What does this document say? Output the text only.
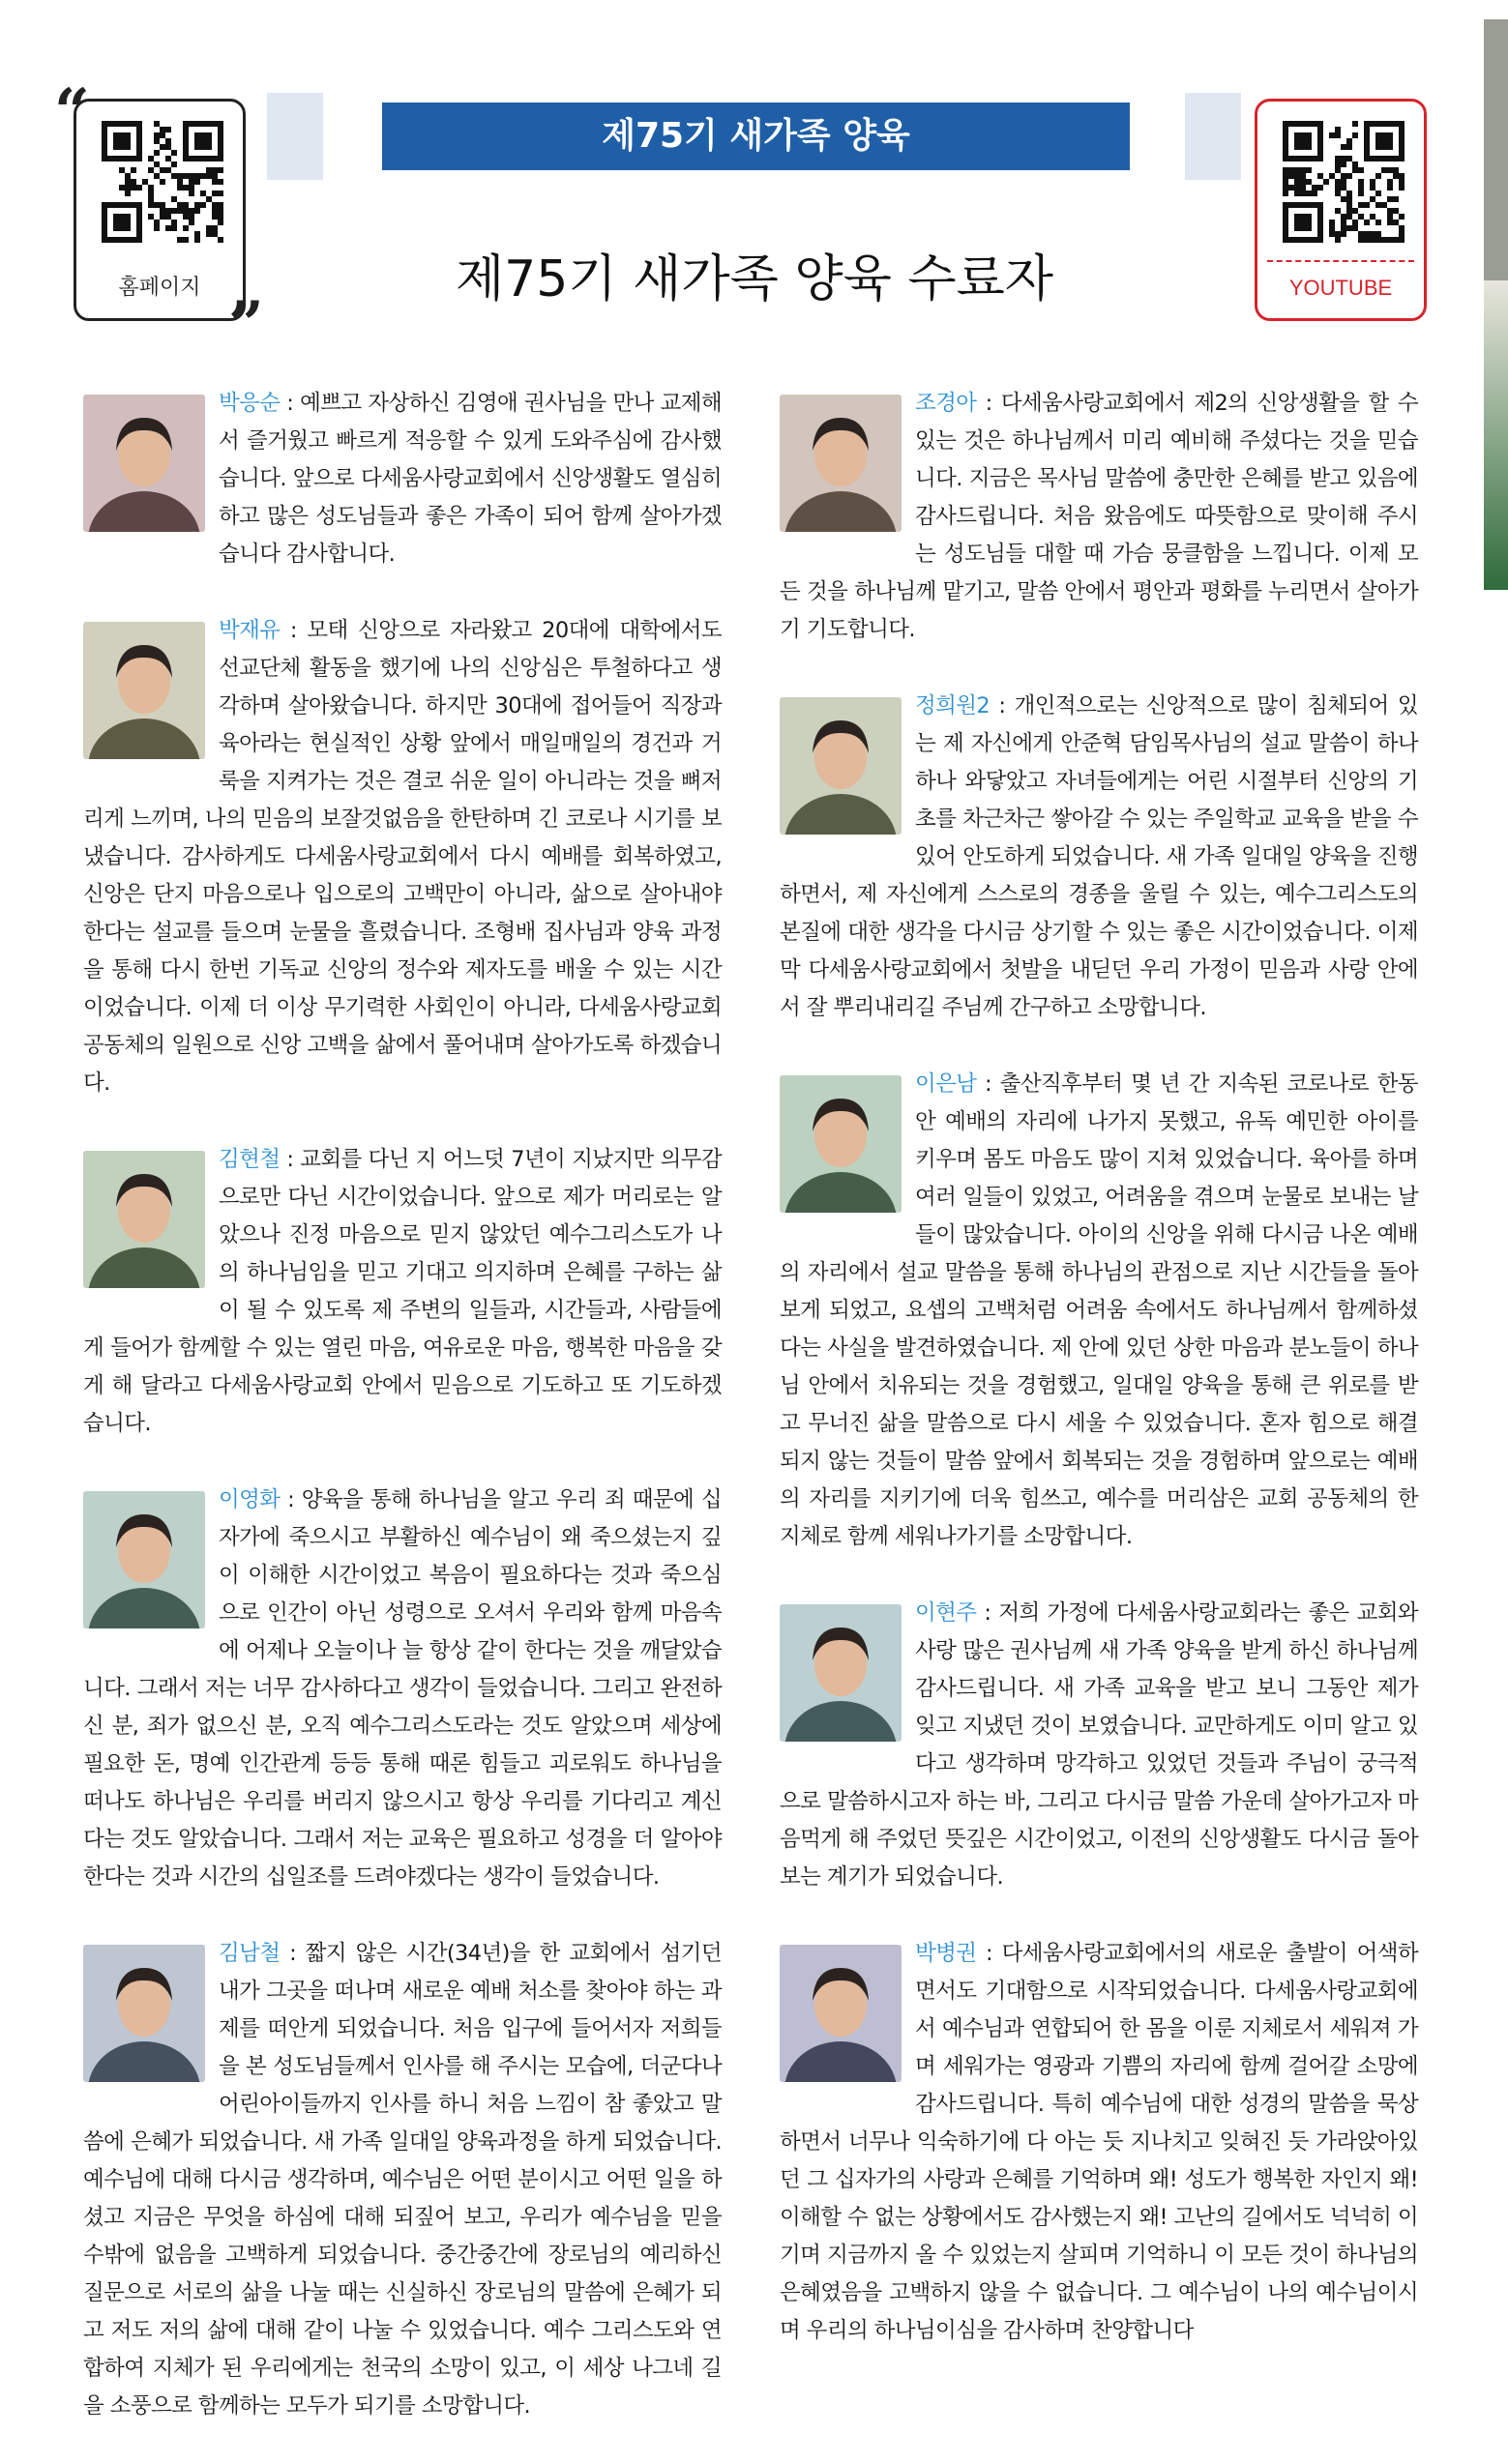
홈페이지
“
”
제75기 새가족 양육
제75기 새가족 양육 수료자	YOUTUBE

박응순 : 예쁘고 자상하신 김영애 권사님을 만나 교제해서 즐거웠고 빠르게 적응할 수 있게 도와주심에 감사했습니다. 앞으로 다세움사랑교회에서 신앙생활도 열심히 하고 많은 성도님들과 좋은 가족이 되어 함께 살아가겠습니다 감사합니다.

박재유 : 모태 신앙으로 자라왔고 20대에 대학에서도 선교단체 활동을 했기에 나의 신앙심은 투철하다고 생각하며 살아왔습니다. 하지만 30대에 접어들어 직장과 육아라는 현실적인 상황 앞에서 매일매일의 경건과 거룩을 지켜가는 것은 결코 쉬운 일이 아니라는 것을 뼈저리게 느끼며, 나의 믿음의 보잘것없음을 한탄하며 긴 코로나 시기를 보냈습니다. 감사하게도 다세움사랑교회에서 다시 예배를 회복하였고, 신앙은 단지 마음으로나 입으로의 고백만이 아니라, 삶으로 살아내야 한다는 설교를 들으며 눈물을 흘렸습니다. 조형배 집사님과 양육 과정을 통해 다시 한번 기독교 신앙의 정수와 제자도를 배울 수 있는 시간이었습니다. 이제 더 이상 무기력한 사회인이 아니라, 다세움사랑교회 공동체의 일원으로 신앙 고백을 삶에서 풀어내며 살아가도록 하겠습니다.

김현철 : 교회를 다닌 지 어느덧 7년이 지났지만 의무감으로만 다닌 시간이었습니다. 앞으로 제가 머리로는 알았으나 진정 마음으로 믿지 않았던 예수그리스도가 나의 하나님임을 믿고 기대고 의지하며 은혜를 구하는 삶이 될 수 있도록 제 주변의 일들과, 시간들과, 사람들에게 들어가 함께할 수 있는 열린 마음, 여유로운 마음, 행복한 마음을 갖게 해 달라고 다세움사랑교회 안에서 믿음으로 기도하고 또 기도하겠습니다.

이영화 : 양육을 통해 하나님을 알고 우리 죄 때문에 십자가에 죽으시고 부활하신 예수님이 왜 죽으셨는지 깊이 이해한 시간이었고 복음이 필요하다는 것과 죽으심으로 인간이 아닌 성령으로 오셔서 우리와 함께 마음속에 어제나 오늘이나 늘 항상 같이 한다는 것을 깨달았습니다. 그래서 저는 너무 감사하다고 생각이 들었습니다. 그리고 완전하신 분, 죄가 없으신 분, 오직 예수그리스도라는 것도 알았으며 세상에 필요한 돈, 명예 인간관계 등등 통해 때론 힘들고 괴로워도 하나님을 떠나도 하나님은 우리를 버리지 않으시고 항상 우리를 기다리고 계신다는 것도 알았습니다. 그래서 저는 교육은 필요하고 성경을 더 알아야 한다는 것과 시간의 십일조를 드려야겠다는 생각이 들었습니다.

김남철 : 짧지 않은 시간(34년)을 한 교회에서 섬기던 내가 그곳을 떠나며 새로운 예배 처소를 찾아야 하는 과제를 떠안게 되었습니다. 처음 입구에 들어서자 저희들을 본 성도님들께서 인사를 해 주시는 모습에, 더군다나 어린아이들까지 인사를 하니 처음 느낌이 참 좋았고 말씀에 은혜가 되었습니다. 새 가족 일대일 양육과정을 하게 되었습니다. 예수님에 대해 다시금 생각하며, 예수님은 어떤 분이시고 어떤 일을 하셨고 지금은 무엇을 하심에 대해 되짚어 보고, 우리가 예수님을 믿을 수밖에 없음을 고백하게 되었습니다. 중간중간에 장로님의 예리하신 질문으로 서로의 삶을 나눌 때는 신실하신 장로님의 말씀에 은혜가 되고 저도 저의 삶에 대해 같이 나눌 수 있었습니다. 예수 그리스도와 연합하여 지체가 된 우리에게는 천국의 소망이 있고, 이 세상 나그네 길을 소풍으로 함께하는 모두가 되기를 소망합니다.

조경아 : 다세움사랑교회에서 제2의 신앙생활을 할 수 있는 것은 하나님께서 미리 예비해 주셨다는 것을 믿습니다. 지금은 목사님 말씀에 충만한 은혜를 받고 있음에 감사드립니다. 처음 왔음에도 따뜻함으로 맞이해 주시는 성도님들 대할 때 가슴 뭉클함을 느낍니다. 이제 모든 것을 하나님께 맡기고, 말씀 안에서 평안과 평화를 누리면서 살아가기 기도합니다.

정희원2 : 개인적으로는 신앙적으로 많이 침체되어 있는 제 자신에게 안준혁 담임목사님의 설교 말씀이 하나하나 와닿았고 자녀들에게는 어린 시절부터 신앙의 기초를 차근차근 쌓아갈 수 있는 주일학교 교육을 받을 수 있어 안도하게 되었습니다. 새 가족 일대일 양육을 진행하면서, 제 자신에게 스스로의 경종을 울릴 수 있는, 예수그리스도의 본질에 대한 생각을 다시금 상기할 수 있는 좋은 시간이었습니다. 이제 막 다세움사랑교회에서 첫발을 내딛던 우리 가정이 믿음과 사랑 안에서 잘 뿌리내리길 주님께 간구하고 소망합니다.

이은남 : 출산직후부터 몇 년 간 지속된 코로나로 한동안 예배의 자리에 나가지 못했고, 유독 예민한 아이를 키우며 몸도 마음도 많이 지쳐 있었습니다. 육아를 하며 여러 일들이 있었고, 어려움을 겪으며 눈물로 보내는 날들이 많았습니다. 아이의 신앙을 위해 다시금 나온 예배의 자리에서 설교 말씀을 통해 하나님의 관점으로 지난 시간들을 돌아보게 되었고, 요셉의 고백처럼 어려움 속에서도 하나님께서 함께하셨다는 사실을 발견하였습니다. 제 안에 있던 상한 마음과 분노들이 하나님 안에서 치유되는 것을 경험했고, 일대일 양육을 통해 큰 위로를 받고 무너진 삶을 말씀으로 다시 세울 수 있었습니다. 혼자 힘으로 해결되지 않는 것들이 말씀 앞에서 회복되는 것을 경험하며 앞으로는 예배의 자리를 지키기에 더욱 힘쓰고, 예수를 머리삼은 교회 공동체의 한 지체로 함께 세워나가기를 소망합니다.

이현주 : 저희 가정에 다세움사랑교회라는 좋은 교회와 사랑 많은 권사님께 새 가족 양육을 받게 하신 하나님께 감사드립니다. 새 가족 교육을 받고 보니 그동안 제가 잊고 지냈던 것이 보였습니다. 교만하게도 이미 알고 있다고 생각하며 망각하고 있었던 것들과 주님이 궁극적으로 말씀하시고자 하는 바, 그리고 다시금 말씀 가운데 살아가고자 마음먹게 해 주었던 뜻깊은 시간이었고, 이전의 신앙생활도 다시금 돌아보는 계기가 되었습니다.

박병권 : 다세움사랑교회에서의 새로운 출발이 어색하면서도 기대함으로 시작되었습니다. 다세움사랑교회에서 예수님과 연합되어 한 몸을 이룬 지체로서 세워져 가며 세워가는 영광과 기쁨의 자리에 함께 걸어갈 소망에 감사드립니다. 특히 예수님에 대한 성경의 말씀을 묵상하면서 너무나 익숙하기에 다 아는 듯 지나치고 잊혀진 듯 가라앉아있던 그 십자가의 사랑과 은혜를 기억하며 왜! 성도가 행복한 자인지 왜! 이해할 수 없는 상황에서도 감사했는지 왜! 고난의 길에서도 넉넉히 이기며 지금까지 올 수 있었는지 살피며 기억하니 이 모든 것이 하나님의 은혜였음을 고백하지 않을 수 없습니다. 그 예수님이 나의 예수님이시며 우리의 하나님이심을 감사하며 찬양합니다
